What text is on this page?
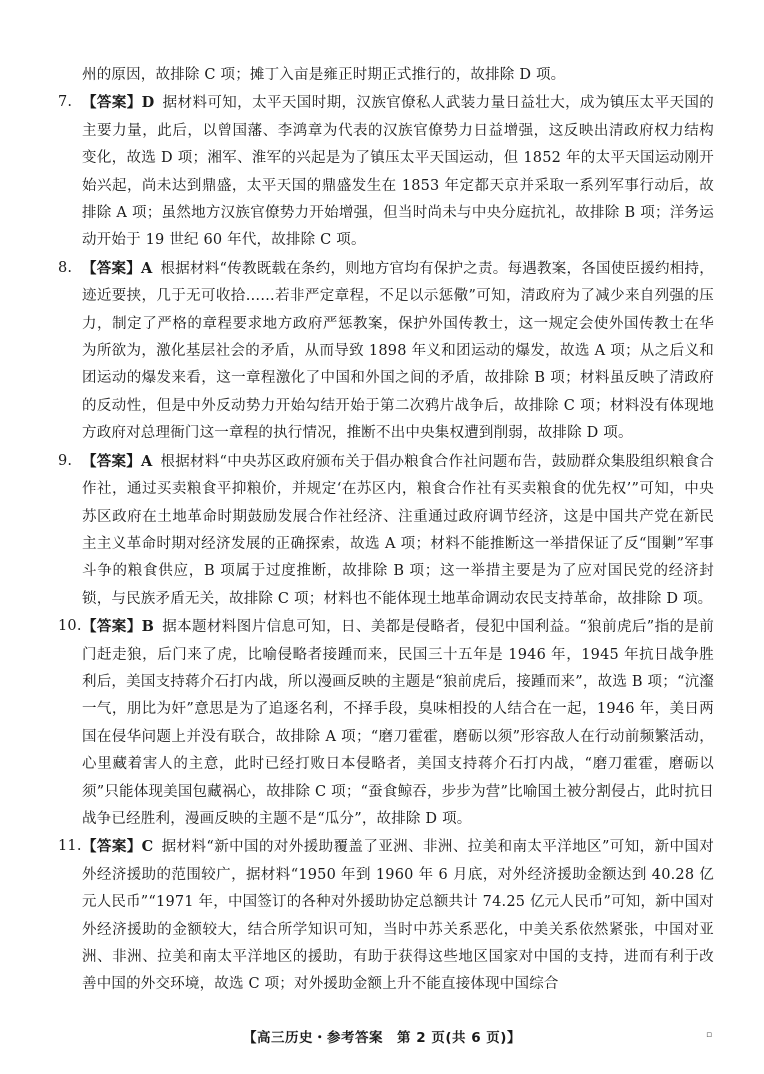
州的原因，故排除 C 项；摊丁入亩是雍正时期正式推行的，故排除 D 项。

7. 【答案】D 据材料可知，太平天国时期，汉族官僚私人武装力量日益壮大，成为镇压太平天国的主要力量，此后，以曾国藩、李鸿章为代表的汉族官僚势力日益增强，这反映出清政府权力结构变化，故选 D 项；湘军、淮军的兴起是为了镇压太平天国运动，但 1852 年的太平天国运动刚开始兴起，尚未达到鼎盛，太平天国的鼎盛发生在 1853 年定都天京并采取一系列军事行动后，故排除 A 项；虽然地方汉族官僚势力开始增强，但当时尚未与中央分庭抗礼，故排除 B 项；洋务运动开始于 19 世纪 60 年代，故排除 C 项。

8. 【答案】A 根据材料“传教既载在条约，则地方官均有保护之责。每遇教案，各国使臣援约相持，迹近要挟，几于无可收拾……若非严定章程，不足以示惩儆”可知，清政府为了减少来自列强的压力，制定了严格的章程要求地方政府严惩教案，保护外国传教士，这一规定会使外国传教士在华为所欲为，激化基层社会的矛盾，从而导致 1898 年义和团运动的爆发，故选 A 项；从之后义和团运动的爆发来看，这一章程激化了中国和外国之间的矛盾，故排除 B 项；材料虽反映了清政府的反动性，但是中外反动势力开始勾结开始于第二次鸦片战争后，故排除 C 项；材料没有体现地方政府对总理衙门这一章程的执行情况，推断不出中央集权遭到削弱，故排除 D 项。

9. 【答案】A 根据材料“中央苏区政府颁布关于倡办粮食合作社问题布告，鼓励群众集股组织粮食合作社，通过买卖粮食平抑粮价，并规定‘在苏区内，粮食合作社有买卖粮食的优先权’”可知，中央苏区政府在土地革命时期鼓励发展合作社经济、注重通过政府调节经济，这是中国共产党在新民主主义革命时期对经济发展的正确探索，故选 A 项；材料不能推断这一举措保证了反“围剿”军事斗争的粮食供应，B 项属于过度推断，故排除 B 项；这一举措主要是为了应对国民党的经济封锁，与民族矛盾无关，故排除 C 项；材料也不能体现土地革命调动农民支持革命，故排除 D 项。

10. 【答案】B 据本题材料图片信息可知，日、美都是侵略者，侵犯中国利益。“狼前虎后”指的是前门赶走狼，后门来了虎，比喻侵略者接踵而来，民国三十五年是 1946 年，1945 年抗日战争胜利后，美国支持蒋介石打内战，所以漫画反映的主题是“狼前虎后，接踵而来”，故选 B 项；“沆瀣一气，朋比为奸”意思是为了追逐名利，不择手段，臭味相投的人结合在一起，1946 年，美日两国在侵华问题上并没有联合，故排除 A 项；“磨刀霍霍，磨砺以须”形容敌人在行动前频繁活动，心里藏着害人的主意，此时已经打败日本侵略者，美国支持蒋介石打内战，“磨刀霍霍，磨砺以须”只能体现美国包藏祸心，故排除 C 项；“蚕食鲸吞，步步为营”比喻国土被分割侵占，此时抗日战争已经胜利，漫画反映的主题不是“瓜分”，故排除 D 项。

11. 【答案】C 据材料“新中国的对外援助覆盖了亚洲、非洲、拉美和南太平洋地区”可知，新中国对外经济援助的范围较广，据材料“1950 年到 1960 年 6 月底，对外经济援助金额达到 40.28 亿元人民币”“1971 年，中国签订的各种对外援助协定总额共计 74.25 亿元人民币”可知，新中国对外经济援助的金额较大，结合所学知识可知，当时中苏关系恶化，中美关系依然紧张，中国对亚洲、非洲、拉美和南太平洋地区的援助，有助于获得这些地区国家对中国的支持，进而有利于改善中国的外交环境，故选 C 项；对外援助金额上升不能直接体现中国综合

【高三历史・参考答案　第 2 页(共 6 页)】	▫
